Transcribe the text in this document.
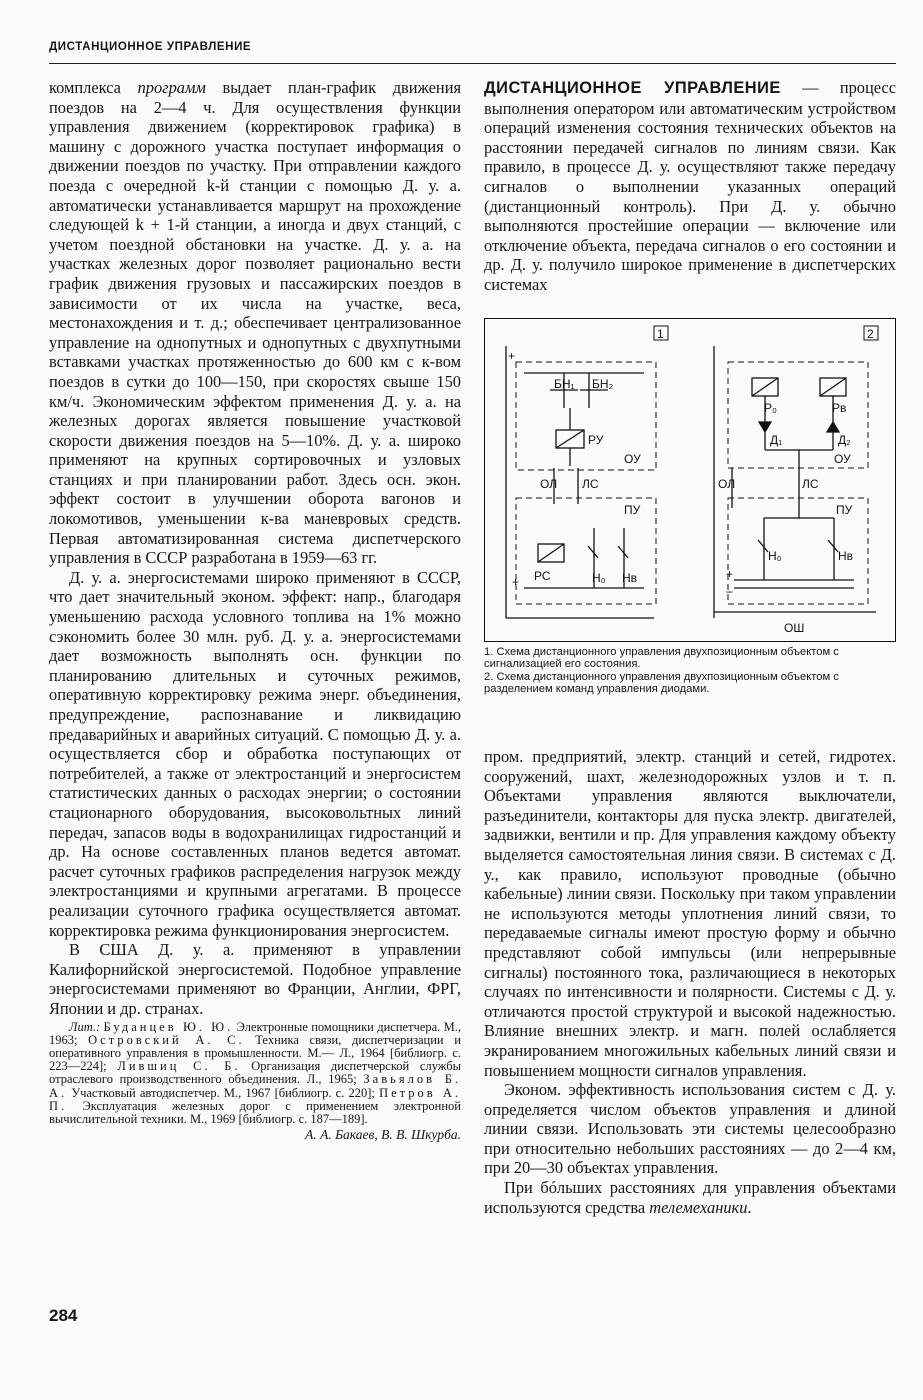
ДИСТАНЦИОННОЕ УПРАВЛЕНИЕ

комплекса программ выдает план-график движения поездов на 2—4 ч. Для осуществления функции управления движением (корректировок графика) в машину с дорожного участка поступает информация о движении поездов по участку. При отправлении каждого поезда с очередной k-й станции с помощью Д. у. а. автоматически устанавливается маршрут на прохождение следующей k + 1-й станции, а иногда и двух станций, с учетом поездной обстановки на участке. Д. у. а. на участках железных дорог позволяет рационально вести график движения грузовых и пассажирских поездов в зависимости от их числа на участке, веса, местонахождения и т. д.; обеспечивает централизованное управление на однопутных и однопутных с двухпутными вставками участках протяженностью до 600 км с к-вом поездов в сутки до 100—150, при скоростях свыше 150 км/ч. Экономическим эффектом применения Д. у. а. на железных дорогах является повышение участковой скорости движения поездов на 5—10%. Д. у. а. широко применяют на крупных сортировочных и узловых станциях и при планировании работ. Здесь осн. экон. эффект состоит в улучшении оборота вагонов и локомотивов, уменьшении к-ва маневровых средств. Первая автоматизированная система диспетчерского управления в СССР разработана в 1959—63 гг.

Д. у. а. энергосистемами широко применяют в СССР, что дает значительный эконом. эффект: напр., благодаря уменьшению расхода условного топлива на 1% можно сэкономить более 30 млн. руб. Д. у. а. энергосистемами дает возможность выполнять осн. функции по планированию длительных и суточных режимов, оперативную корректировку режима энерг. объединения, предупреждение, распознавание и ликвидацию предаварийных и аварийных ситуаций. С помощью Д. у. а. осуществляется сбор и обработка поступающих от потребителей, а также от электростанций и энергосистем статистических данных о расходах энергии; о состоянии стационарного оборудования, высоковольтных линий передач, запасов воды в водохранилищах гидростанций и др. На основе составленных планов ведется автомат. расчет суточных графиков распределения нагрузок между электростанциями и крупными агрегатами. В процессе реализации суточного графика осуществляется автомат. корректировка режима функционирования энергосистем.

В США Д. у. а. применяют в управлении Калифорнийской энергосистемой. Подобное управление энергосистемами применяют во Франции, Англии, ФРГ, Японии и др. странах.

Лит.: Буданцев Ю. Ю. Электронные помощники диспетчера. М., 1963; Островский А. С. Техника связи, диспетчеризации и оперативного управления в промышленности. М.— Л., 1964 [библиогр. с. 223—224]; Лившиц С. Б. Организация диспетчерской службы отраслевого производственного объединения. Л., 1965; Завьялов Б. А. Участковый автодиспетчер. М., 1967 [библиогр. с. 220]; Петров А. П. Эксплуатация железных дорог с применением электронной вычислительной техники. М., 1969 [библиогр. с. 187—189].

А. А. Бакаев, В. В. Шкурба.

ДИСТАНЦИОННОЕ УПРАВЛЕНИЕ — процесс выполнения оператором или автоматическим устройством операций изменения состояния технических объектов на расстоянии передачей сигналов по линиям связи. Как правило, в процессе Д. у. осуществляют также передачу сигналов о выполнении указанных операций (дистанционный контроль). При Д. у. обычно выполняются простейшие операции — включение или отключение объекта, передача сигналов о его состоянии и др. Д. у. получило широкое применение в диспетчерских системах

1
+
БН₁ БН₂
РУ
ОУ
ОЛ ЛС
ПУ
РС	Н₀ Нв
+
2
Р₀	Рв
Д₁	Д₂
ОУ
ОЛ	ЛС
ПУ
Н₀	Нв
+
−
ОШ

1. Схема дистанционного управления двухпозиционным объектом с сигнализацией его состояния.

2. Схема дистанционного управления двухпозиционным объектом с разделением команд управления диодами.

пром. предприятий, электр. станций и сетей, гидротех. сооружений, шахт, железнодорожных узлов и т. п. Объектами управления являются выключатели, разъединители, контакторы для пуска электр. двигателей, задвижки, вентили и пр. Для управления каждому объекту выделяется самостоятельная линия связи. В системах с Д. у., как правило, используют проводные (обычно кабельные) линии связи. Поскольку при таком управлении не используются методы уплотнения линий связи, то передаваемые сигналы имеют простую форму и обычно представляют собой импульсы (или непрерывные сигналы) постоянного тока, различающиеся в некоторых случаях по интенсивности и полярности. Системы с Д. у. отличаются простой структурой и высокой надежностью. Влияние внешних электр. и магн. полей ослабляется экранированием многожильных кабельных линий связи и повышением мощности сигналов управления.

Эконом. эффективность использования систем с Д. у. определяется числом объектов управления и длиной линии связи. Использовать эти системы целесообразно при относительно небольших расстояниях — до 2—4 км, при 20—30 объектах управления.

При бóльших расстояниях для управления объектами используются средства телемеханики.

284
